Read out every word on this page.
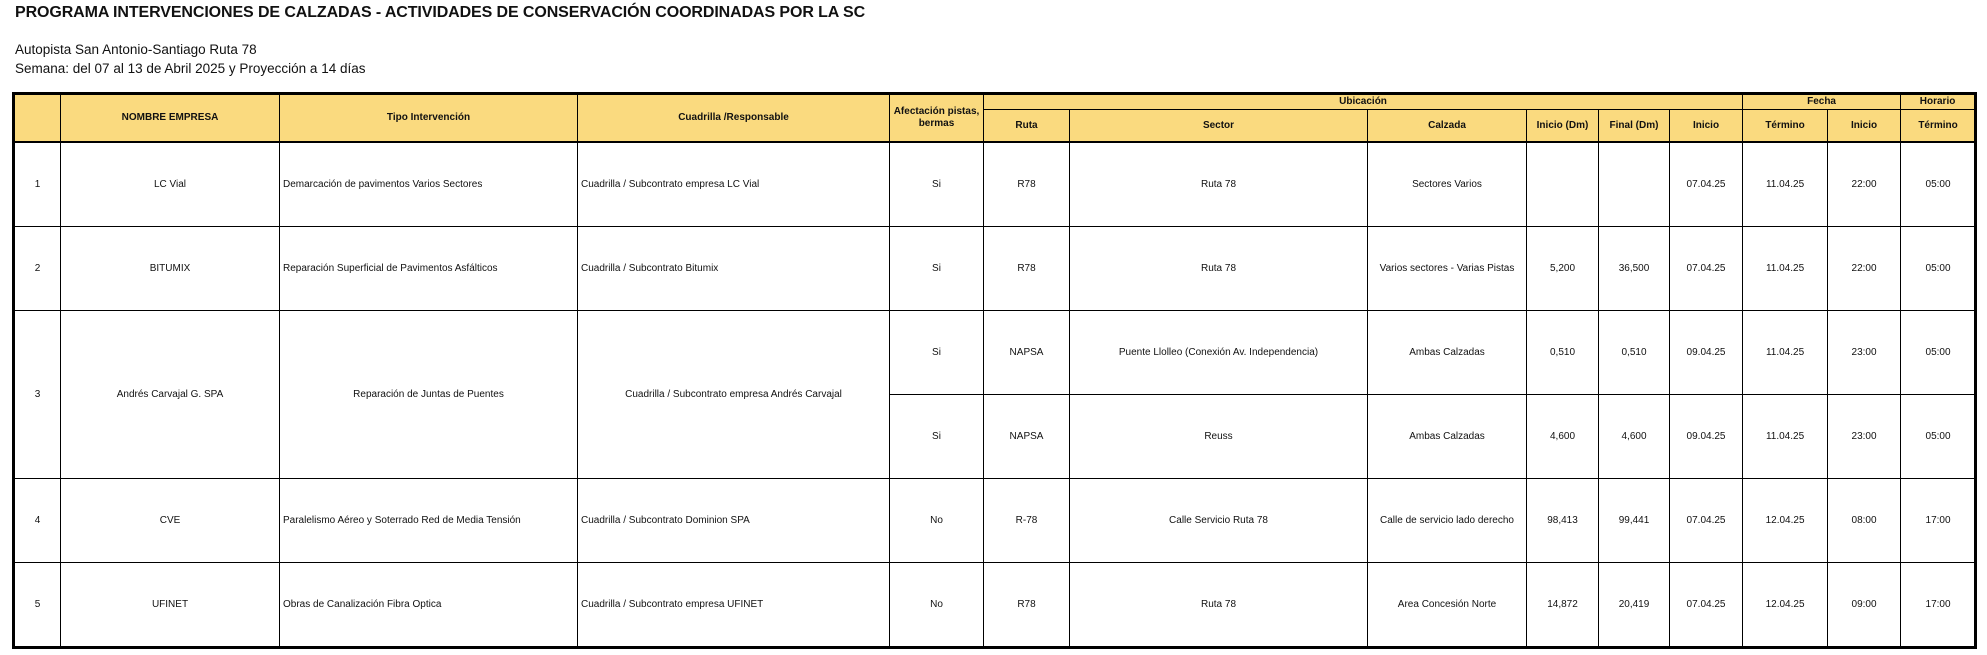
PROGRAMA INTERVENCIONES DE CALZADAS - ACTIVIDADES DE CONSERVACIÓN COORDINADAS POR LA SC
Autopista San Antonio-Santiago Ruta 78
Semana: del 07 al 13 de Abril 2025 y Proyección a 14 días
	NOMBRE EMPRESA	Tipo Intervención	Cuadrilla /Responsable	Afectación pistas, bermas	Ubicación						Fecha		Horario
					Ruta	Sector	Calzada	Inicio (Dm)	Final (Dm)	Inicio	Término	Inicio	Término
1	LC Vial	Demarcación de pavimentos Varios Sectores	Cuadrilla / Subcontrato empresa LC Vial	Si	R78	Ruta 78	Sectores Varios			07.04.25	11.04.25	22:00	05:00
2	BITUMIX	Reparación Superficial de Pavimentos Asfálticos	Cuadrilla / Subcontrato Bitumix	Si	R78	Ruta 78	Varios sectores - Varias Pistas	5,200	36,500	07.04.25	11.04.25	22:00	05:00
3	Andrés Carvajal G. SPA	Reparación de Juntas de Puentes	Cuadrilla / Subcontrato empresa Andrés Carvajal	Si	NAPSA	Puente Llolleo (Conexión Av. Independencia)	Ambas Calzadas	0,510	0,510	09.04.25	11.04.25	23:00	05:00
				Si	NAPSA	Reuss	Ambas Calzadas	4,600	4,600	09.04.25	11.04.25	23:00	05:00
4	CVE	Paralelismo Aéreo y Soterrado Red de Media Tensión	Cuadrilla / Subcontrato Dominion SPA	No	R-78	Calle Servicio Ruta 78	Calle de servicio lado derecho	98,413	99,441	07.04.25	12.04.25	08:00	17:00
5	UFINET	Obras de Canalización Fibra Optica	Cuadrilla / Subcontrato empresa UFINET	No	R78	Ruta 78	Area Concesión Norte	14,872	20,419	07.04.25	12.04.25	09:00	17:00
